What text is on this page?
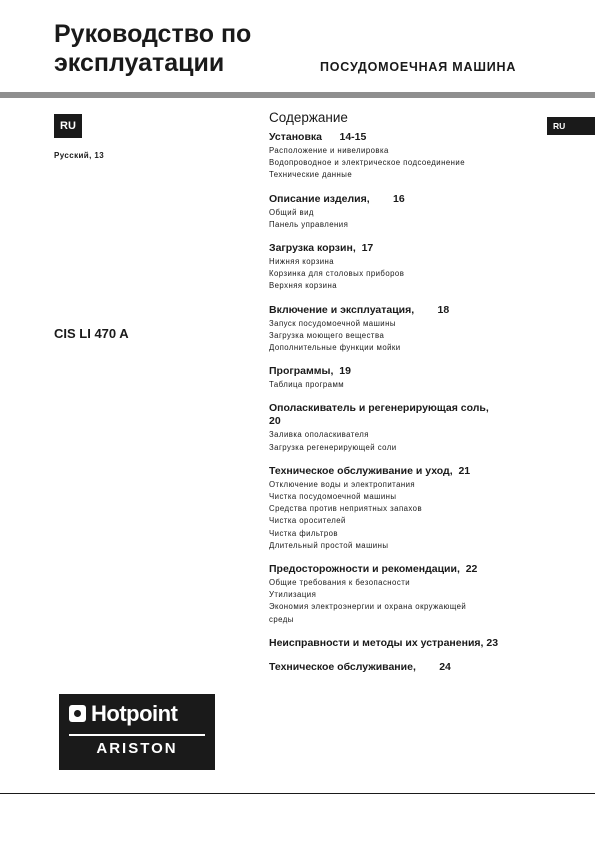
Руководство по
эксплуатации	ПОСУДОМОЕЧНАЯ МАШИНА
RU
Русский, 13
CIS LI 470 A
RU
Содержание
Установка      14-15
Расположение и нивелировка
Водопроводное и электрическое подсоединение
Технические данные
Описание изделия,        16
Общий вид
Панель управления
Загрузка корзин,  17
Нижняя корзина
Корзинка для столовых приборов
Верхняя корзина
Включение и эксплуатация,        18
Запуск посудомоечной машины
Загрузка моющего вещества
Дополнительные функции мойки
Программы,  19
Таблица программ
Ополаскиватель и регенерирующая соль,
20
Заливка ополаскивателя
Загрузка регенерирующей соли
Техническое обслуживание и уход,  21
Отключение воды и электропитания
Чистка посудомоечной машины
Средства против неприятных запахов
Чистка оросителей
Чистка фильтров
Длительный простой машины
Предосторожности и рекомендации,  22
Общие требования к безопасности
Утилизация
Экономия электроэнергии и охрана окружающей
среды
Неисправности и методы их устранения, 23
Техническое обслуживание,        24
Hotpoint
ARISTON
